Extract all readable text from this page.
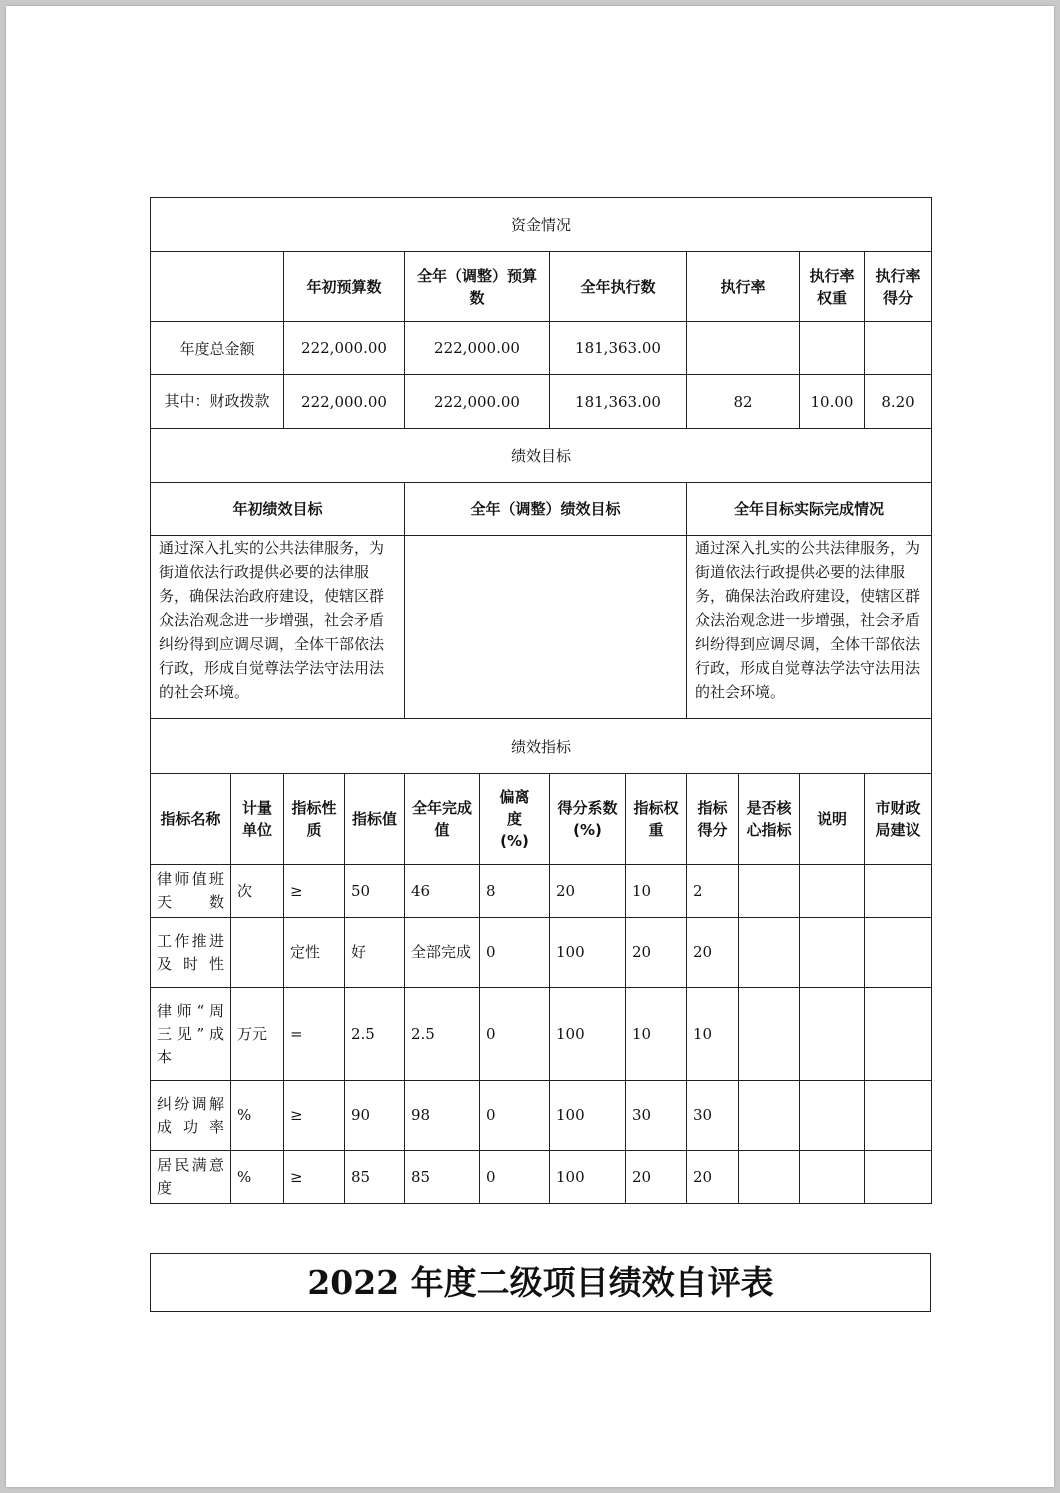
资金情况											
		年初预算数		全年（调整）预算数		全年执行数		执行率		执行率权重	执行率得分
年度总金额		222,000.00		222,000.00		181,363.00					
其中：财政拨款		222,000.00		222,000.00		181,363.00		82		10.00	8.20
绩效目标											
年初绩效目标				全年（调整）绩效目标				全年目标实际完成情况			
通过深入扎实的公共法律服务，为街道依法行政提供必要的法律服务，确保法治政府建设，使辖区群众法治观念进一步增强，社会矛盾纠纷得到应调尽调，全体干部依法行政，形成自觉尊法学法守法用法的社会环境。								通过深入扎实的公共法律服务，为街道依法行政提供必要的法律服务，确保法治政府建设，使辖区群众法治观念进一步增强，社会矛盾纠纷得到应调尽调，全体干部依法行政，形成自觉尊法学法守法用法的社会环境。			
绩效指标											
指标名称	计量单位	指标性质	指标值	全年完成值	偏离度(%)	得分系数(%)	指标权重	指标得分	是否核心指标	说明	市财政局建议
律师值班天数	次	≥	50	46	8	20	10	2			
工作推进及时性		定性	好	全部完成	0	100	20	20			
律师“周三见”成本	万元	=	2.5	2.5	0	100	10	10			
纠纷调解成功率	%	≥	90	98	0	100	30	30			
居民满意度	%	≥	85	85	0	100	20	20			
2022 年度二级项目绩效自评表
